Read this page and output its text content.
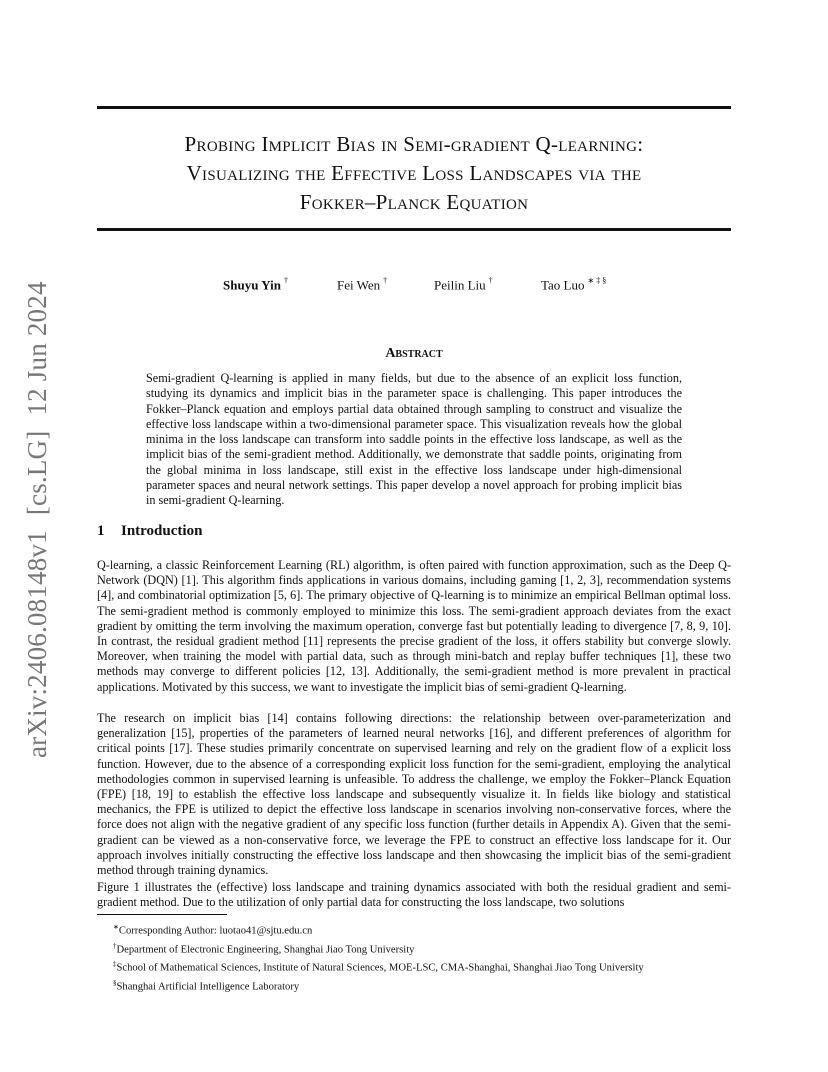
arXiv:2406.08148v1[cs.LG]12 Jun 2024
Probing Implicit Bias in Semi-gradient Q-learning:
Visualizing the Effective Loss Landscapes via the
Fokker–Planck Equation
Shuyu Yin †	Fei Wen †	Peilin Liu †	Tao Luo ∗ ‡ §
Abstract
Semi-gradient Q-learning is applied in many fields, but due to the absence of an explicit loss function, studying its dynamics and implicit bias in the parameter space is challenging. This paper introduces the Fokker–Planck equation and employs partial data obtained through sampling to construct and visualize the effective loss landscape within a two-dimensional parameter space. This visualization reveals how the global minima in the loss landscape can transform into saddle points in the effective loss landscape, as well as the implicit bias of the semi-gradient method. Additionally, we demonstrate that saddle points, originating from the global minima in loss landscape, still exist in the effective loss landscape under high-dimensional parameter spaces and neural network settings. This paper develop a novel approach for probing implicit bias in semi-gradient Q-learning.
1 Introduction
Q-learning, a classic Reinforcement Learning (RL) algorithm, is often paired with function approximation, such as the Deep Q-Network (DQN) [1]. This algorithm finds applications in various domains, including gaming [1, 2, 3], recommendation systems [4], and combinatorial optimization [5, 6]. The primary objective of Q-learning is to minimize an empirical Bellman optimal loss. The semi-gradient method is commonly employed to minimize this loss. The semi-gradient approach deviates from the exact gradient by omitting the term involving the maximum operation, converge fast but potentially leading to divergence [7, 8, 9, 10]. In contrast, the residual gradient method [11] represents the precise gradient of the loss, it offers stability but converge slowly. Moreover, when training the model with partial data, such as through mini-batch and replay buffer techniques [1], these two methods may converge to different policies [12, 13]. Additionally, the semi-gradient method is more prevalent in practical applications. Motivated by this success, we want to investigate the implicit bias of semi-gradient Q-learning.
The research on implicit bias [14] contains following directions: the relationship between over-parameterization and generalization [15], properties of the parameters of learned neural networks [16], and different preferences of algorithm for critical points [17]. These studies primarily concentrate on supervised learning and rely on the gradient flow of a explicit loss function. However, due to the absence of a corresponding explicit loss function for the semi-gradient, employing the analytical methodologies common in supervised learning is unfeasible. To address the challenge, we employ the Fokker–Planck Equation (FPE) [18, 19] to establish the effective loss landscape and subsequently visualize it. In fields like biology and statistical mechanics, the FPE is utilized to depict the effective loss landscape in scenarios involving non-conservative forces, where the force does not align with the negative gradient of any specific loss function (further details in Appendix A). Given that the semi-gradient can be viewed as a non-conservative force, we leverage the FPE to construct an effective loss landscape for it. Our approach involves initially constructing the effective loss landscape and then showcasing the implicit bias of the semi-gradient method through training dynamics.
Figure 1 illustrates the (effective) loss landscape and training dynamics associated with both the residual gradient and semi-gradient method. Due to the utilization of only partial data for constructing the loss landscape, two solutions
∗Corresponding Author: luotao41@sjtu.edu.cn
†Department of Electronic Engineering, Shanghai Jiao Tong University
‡School of Mathematical Sciences, Institute of Natural Sciences, MOE-LSC, CMA-Shanghai, Shanghai Jiao Tong University
§Shanghai Artificial Intelligence Laboratory
